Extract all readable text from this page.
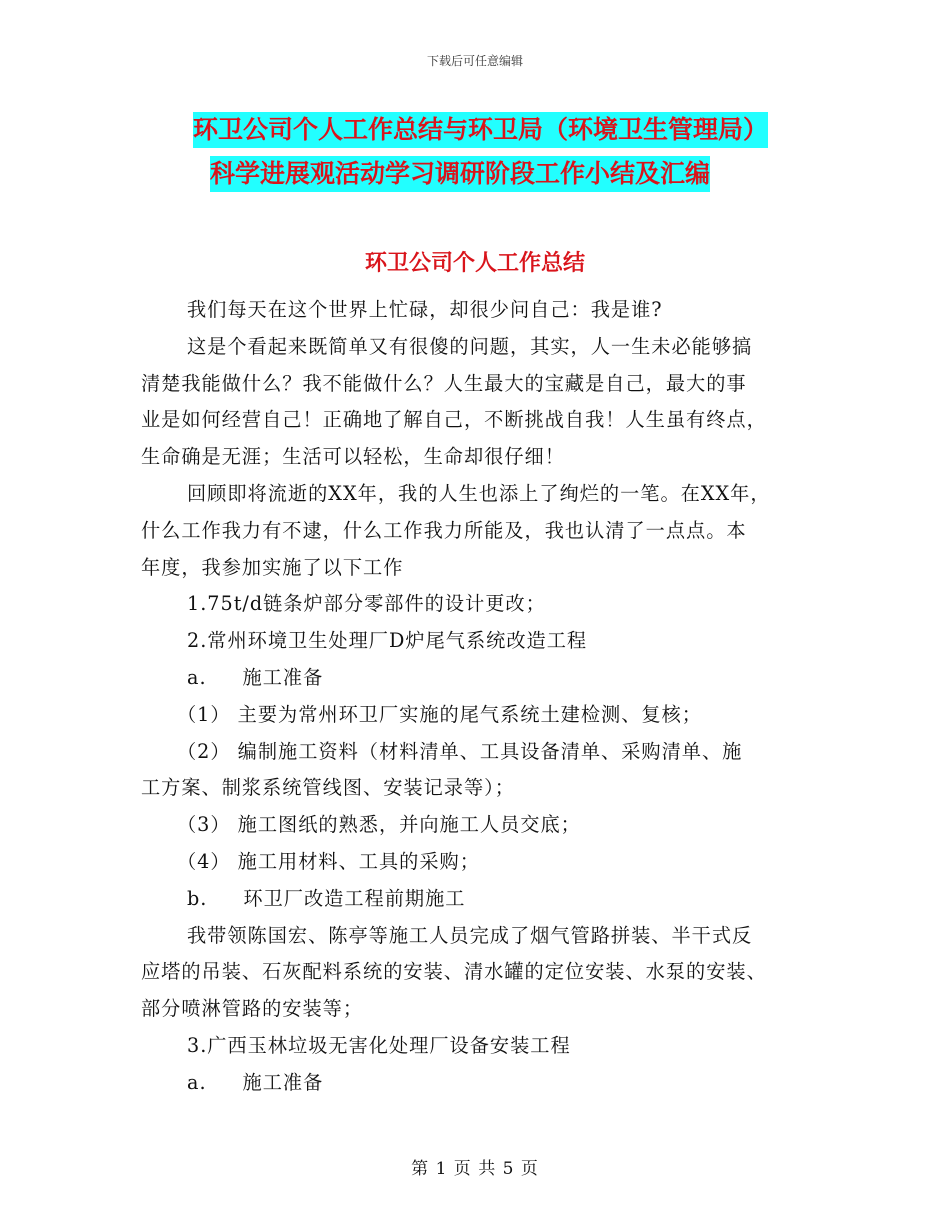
下载后可任意编辑
环卫公司个人工作总结与环卫局（环境卫生管理局）
科学进展观活动学习调研阶段工作小结及汇编
环卫公司个人工作总结

我们每天在这个世界上忙碌，却很少问自己：我是谁?

这是个看起来既简单又有很傻的问题，其实，人一生未必能够搞

清楚我能做什么？我不能做什么？人生最大的宝藏是自己，最大的事

业是如何经营自己！正确地了解自己，不断挑战自我！人生虽有终点，

生命确是无涯；生活可以轻松，生命却很仔细！

回顾即将流逝的XX年，我的人生也添上了绚烂的一笔。在XX年，

什么工作我力有不逮，什么工作我力所能及，我也认清了一点点。本

年度，我参加实施了以下工作

1.75t/d链条炉部分零部件的设计更改；

2.常州环境卫生处理厂D炉尾气系统改造工程

a. 施工准备

（1） 主要为常州环卫厂实施的尾气系统土建检测、复核；

（2） 编制施工资料（材料清单、工具设备清单、采购清单、施

工方案、制浆系统管线图、安装记录等）；

（3） 施工图纸的熟悉，并向施工人员交底；

（4） 施工用材料、工具的采购；

b. 环卫厂改造工程前期施工

我带领陈国宏、陈亭等施工人员完成了烟气管路拼装、半干式反

应塔的吊装、石灰配料系统的安装、清水罐的定位安装、水泵的安装、

部分喷淋管路的安装等；

3.广西玉林垃圾无害化处理厂设备安装工程

a. 施工准备

第 1 页 共 5 页
